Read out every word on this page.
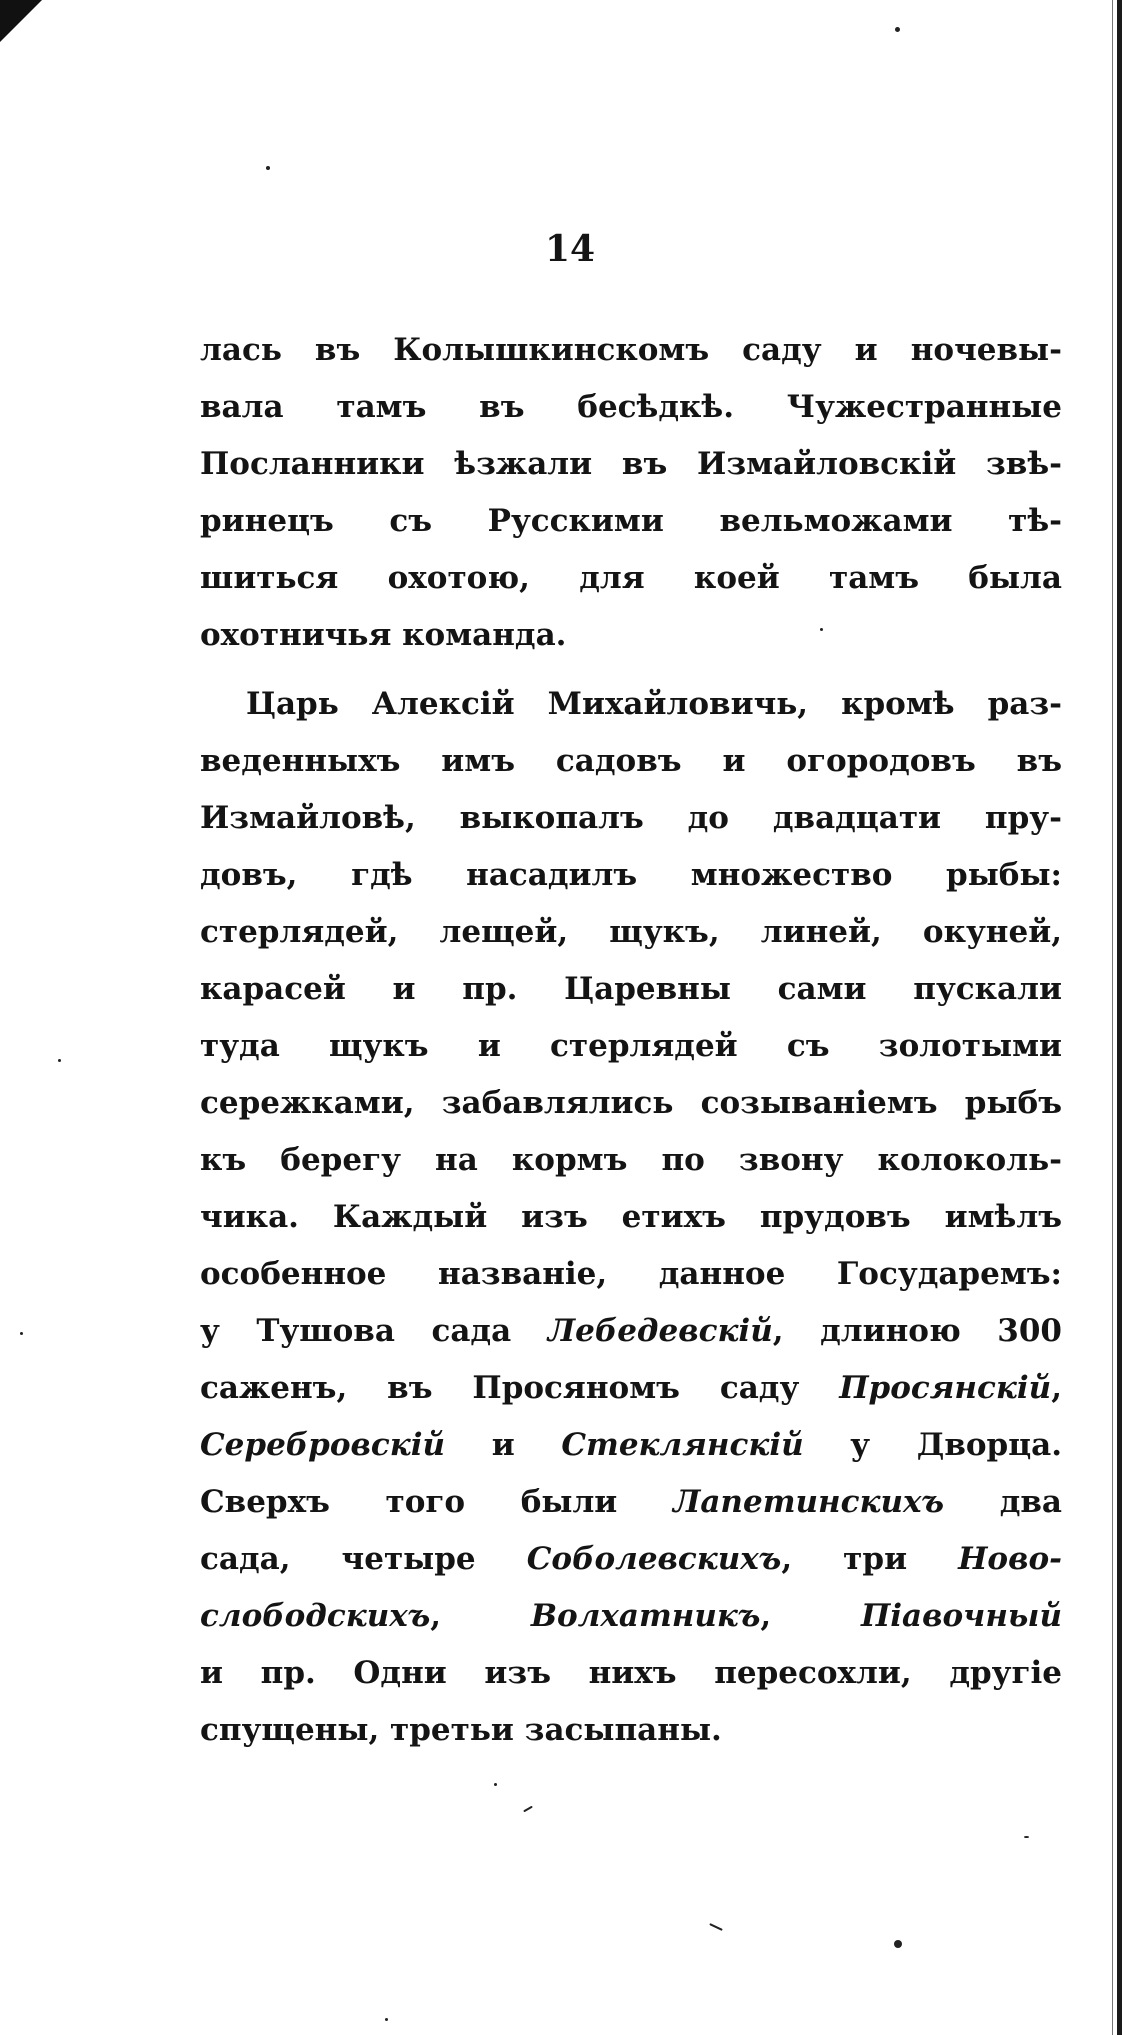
14
лась въ Колышкинскомъ саду и ночевы-
вала тамъ въ бесѣдкѣ. Чужестранные
Посланники ѣзжали въ Измайловскій звѣ-
ринецъ съ Русскими вельможами тѣ-
шиться охотою, для коей тамъ была
охотничья команда.
Царь Алексій Михайловичь, кромѣ раз-
веденныхъ имъ садовъ и огородовъ въ
Измайловѣ, выкопалъ до двадцати пру-
довъ, гдѣ насадилъ множество рыбы:
стерлядей, лещей, щукъ, линей, окуней,
карасей и пр. Царевны сами пускали
туда щукъ и стерлядей съ золотыми
сережками, забавлялись созываніемъ рыбъ
къ берегу на кормъ по звону колоколь-
чика. Каждый изъ етихъ прудовъ имѣлъ
особенное названіе, данное Государемъ:
у Тушова сада Лебедевскій, длиною 300
саженъ, въ Просяномъ саду Просянскій,
Серебровскій и Стеклянскій у Дворца.
Сверхъ того были Лапетинскихъ два
сада, четыре Соболевскихъ, три Ново-
слободскихъ, Волхатникъ, Піавочный
и пр. Одни изъ нихъ пересохли, другіе
спущены, третьи засыпаны.
